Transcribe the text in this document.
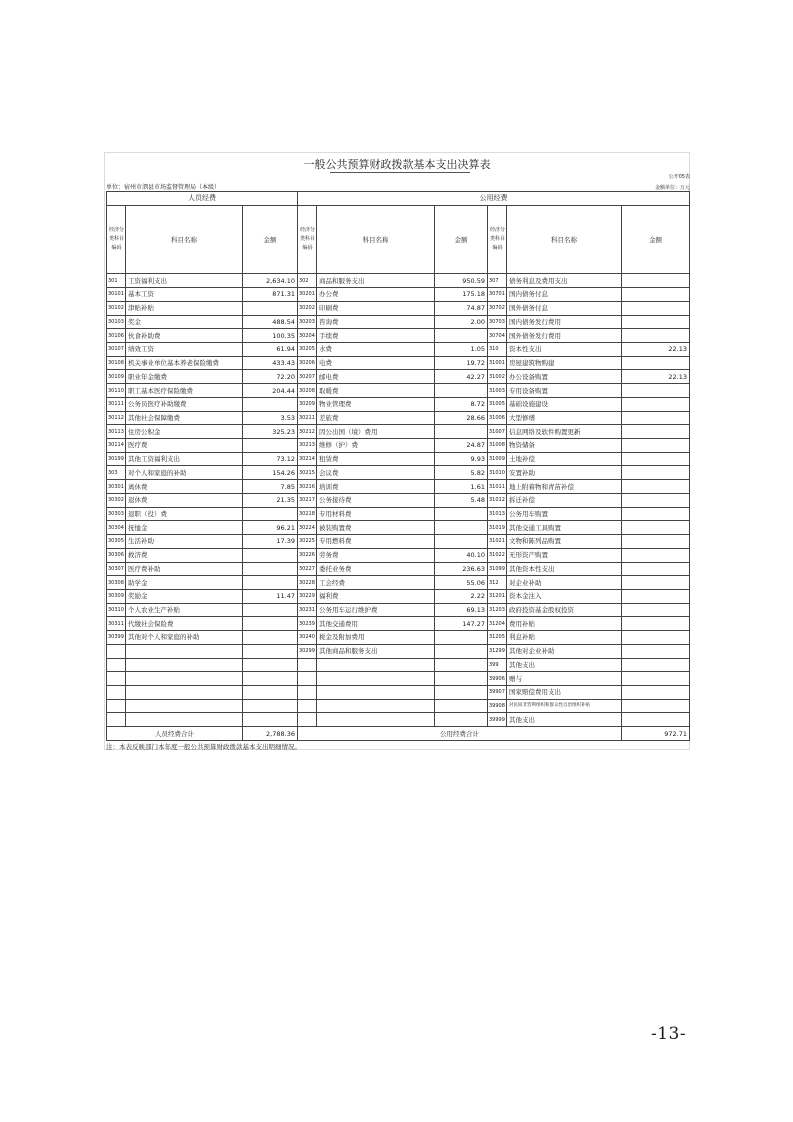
一般公共预算财政拨款基本支出决算表
公开05表
单位：宿州市泗县市场监督管理局（本级）	金额单位：万元
人员经费			公用经费					
经济分类科目编码	科目名称	金额	经济分类科目编码	科目名称	金额	经济分类科目编码	科目名称	金额
301	工资福利支出	2,634.10	302	商品和服务支出	950.59	307	债务利息及费用支出	
30101	基本工资	871.31	30201	办公费	175.18	30701	国内债务付息	
30102	津贴补贴		30202	印刷费	74.87	30702	国外债务付息	
30103	奖金	488.54	30203	咨询费	2.00	30703	国内债务发行费用	
30106	伙食补助费	100.35	30204	手续费		30704	国外债务发行费用	
30107	绩效工资	61.94	30205	水费	1.05	310	资本性支出	22.13
30108	机关事业单位基本养老保险缴费	433.43	30206	电费	19.72	31001	房屋建筑物购建	
30109	职业年金缴费	72.20	30207	邮电费	42.27	31002	办公设备购置	22.13
30110	职工基本医疗保险缴费	204.44	30208	取暖费		31003	专用设备购置	
30111	公务员医疗补助缴费		30209	物业管理费	8.72	31005	基础设施建设	
30112	其他社会保障缴费	3.53	30211	差旅费	28.66	31006	大型修缮	
30113	住房公积金	325.23	30212	因公出国（境）费用		31007	信息网络及软件购置更新	
30114	医疗费		30213	维修（护）费	24.87	31008	物资储备	
30199	其他工资福利支出	73.12	30214	租赁费	9.93	31009	土地补偿	
303	对个人和家庭的补助	154.26	30215	会议费	5.82	31010	安置补助	
30301	离休费	7.85	30216	培训费	1.61	31011	地上附着物和青苗补偿	
30302	退休费	21.35	30217	公务接待费	5.48	31012	拆迁补偿	
30303	退职（役）费		30218	专用材料费		31013	公务用车购置	
30304	抚恤金	96.21	30224	被装购置费		31019	其他交通工具购置	
30305	生活补助	17.39	30225	专用燃料费		31021	文物和陈列品购置	
30306	救济费		30226	劳务费	40.10	31022	无形资产购置	
30307	医疗费补助		30227	委托业务费	236.63	31099	其他资本性支出	
30308	助学金		30228	工会经费	55.06	312	对企业补助	
30309	奖励金	11.47	30229	福利费	2.22	31201	资本金注入	
30310	个人农业生产补贴		30231	公务用车运行维护费	69.13	31203	政府投资基金股权投资	
30311	代缴社会保险费		30239	其他交通费用	147.27	31204	费用补贴	
30399	其他对个人和家庭的补助		30240	税金及附加费用		31205	利息补贴	
			30299	其他商品和服务支出		31299	其他对企业补助	
						399	其他支出	
						39906	赠与	
						39907	国家赔偿费用支出	
						39908	对民间非营利组织和群众性自治组织补贴	
						39999	其他支出	
人员经费合计		2,788.36	公用经费合计					972.71
注：本表反映部门本年度一般公共预算财政拨款基本支出明细情况。
-13-
